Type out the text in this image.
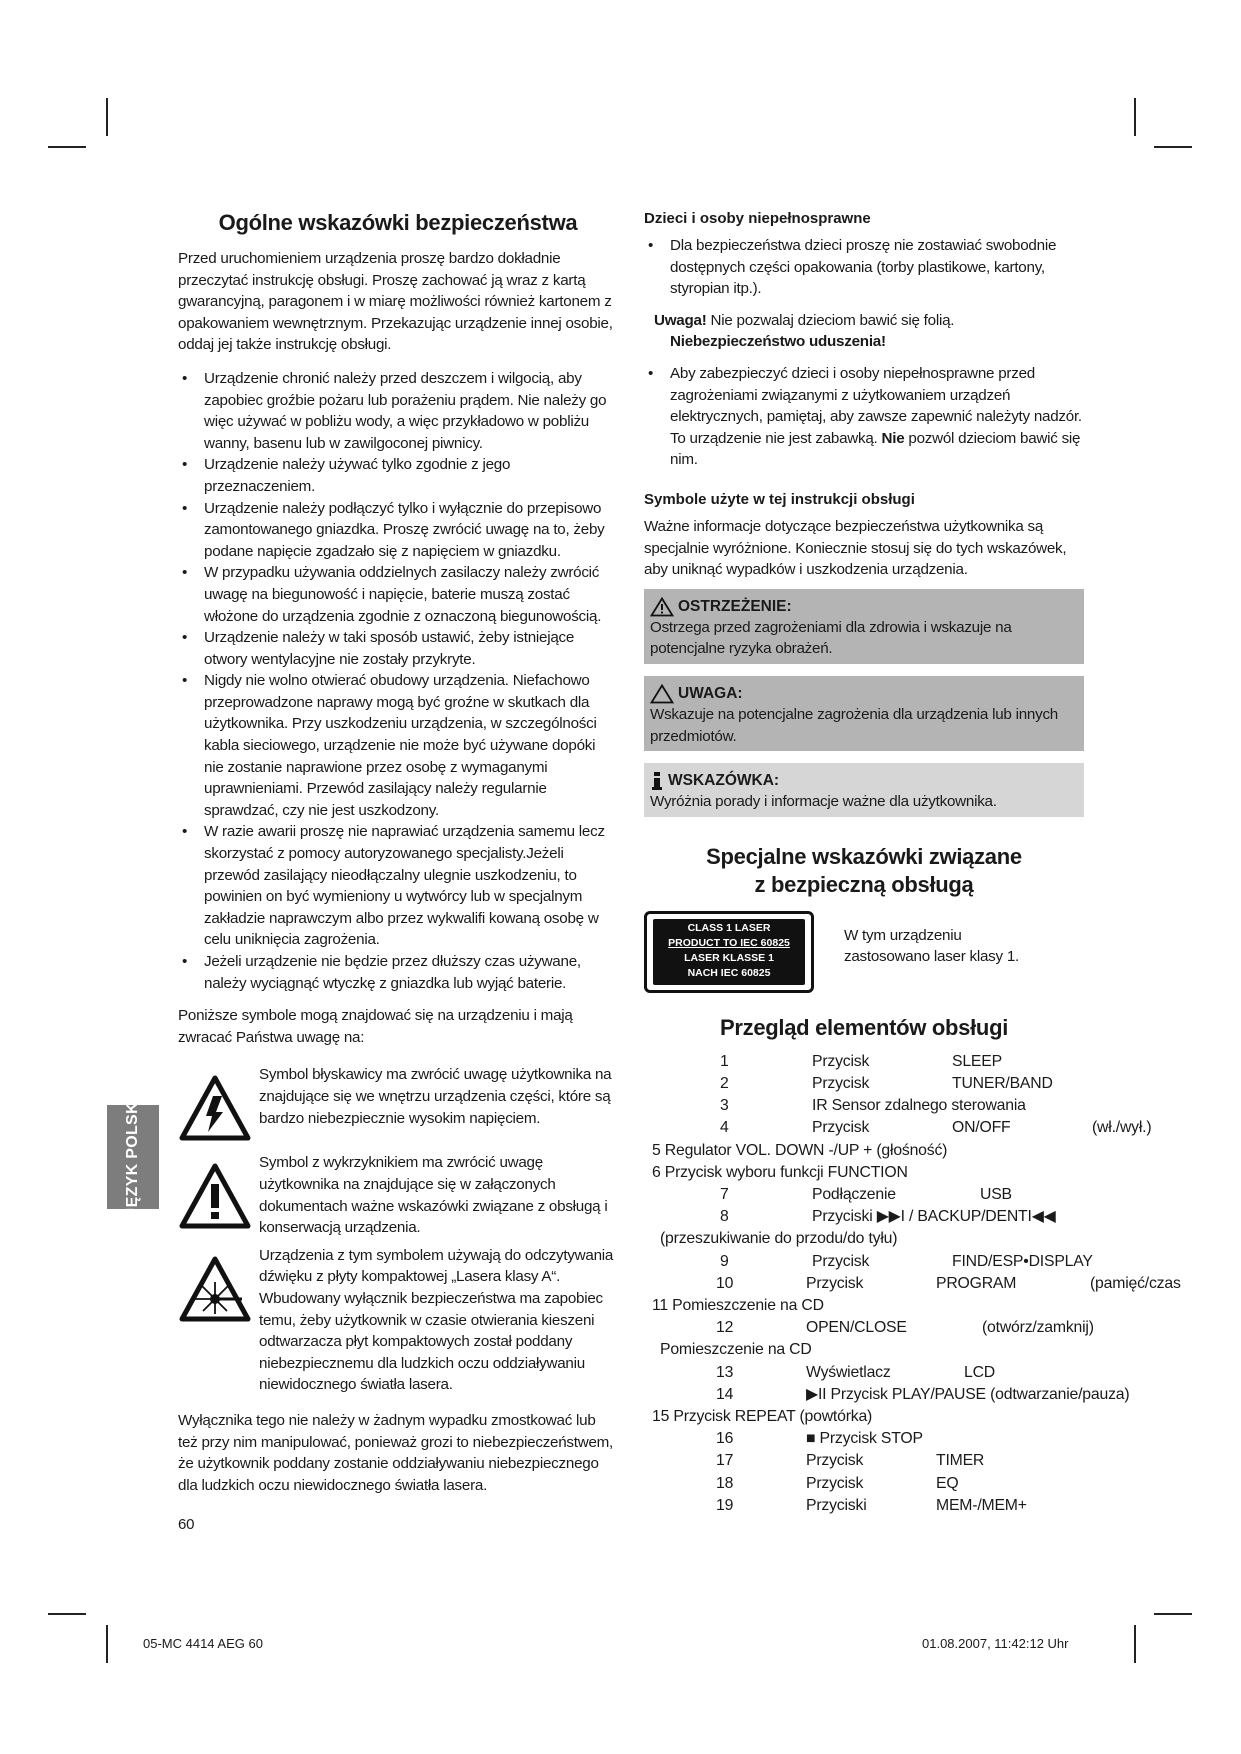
JĘZYK POLSKI
Ogólne wskazówki bezpieczeństwa

Przed uruchomieniem urządzenia proszę bardzo dokładnie przeczytać instrukcję obsługi. Proszę zachować ją wraz z kartą gwarancyjną, paragonem i w miarę możliwości również kartonem z opakowaniem wewnętrznym. Przekazując urządzenie innej osobie, oddaj jej także instrukcję obsługi.

• Urządzenie chronić należy przed deszczem i wilgocią, aby zapobiec groźbie pożaru lub porażeniu prądem. Nie należy go więc używać w pobliżu wody, a więc przykładowo w pobliżu wanny, basenu lub w zawilgoconej piwnicy.
• Urządzenie należy używać tylko zgodnie z jego przeznaczeniem.
• Urządzenie należy podłączyć tylko i wyłącznie do przepisowo zamontowanego gniazdka. Proszę zwrócić uwagę na to, żeby podane napięcie zgadzało się z napięciem w gniazdku.
• W przypadku używania oddzielnych zasilaczy należy zwrócić uwagę na biegunowość i napięcie, baterie muszą zostać włożone do urządzenia zgodnie z oznaczoną biegunowością.
• Urządzenie należy w taki sposób ustawić, żeby istniejące otwory wentylacyjne nie zostały przykryte.
• Nigdy nie wolno otwierać obudowy urządzenia. Niefachowo przeprowadzone naprawy mogą być groźne w skutkach dla użytkownika. Przy uszkodzeniu urządzenia, w szczególności kabla sieciowego, urządzenie nie może być używane dopóki nie zostanie naprawione przez osobę z wymaganymi uprawnieniami. Przewód zasilający należy regularnie sprawdzać, czy nie jest uszkodzony.
• W razie awarii proszę nie naprawiać urządzenia samemu lecz skorzystać z pomocy autoryzowanego specjalisty.Jeżeli przewód zasilający nieodłączalny ulegnie uszkodzeniu, to powinien on być wymieniony u wytwórcy lub w specjalnym zakładzie naprawczym albo przez wykwalifi kowaną osobę w celu uniknięcia zagrożenia.
• Jeżeli urządzenie nie będzie przez dłuższy czas używane, należy wyciągnąć wtyczkę z gniazdka lub wyjąć baterie.

Poniższe symbole mogą znajdować się na urządzeniu i mają zwracać Państwa uwagę na:

Symbol błyskawicy ma zwrócić uwagę użytkownika na znajdujące się we wnętrzu urządzenia części, które są bardzo niebezpiecznie wysokim napięciem.

Symbol z wykrzyknikiem ma zwrócić uwagę użytkownika na znajdujące się w załączonych dokumentach ważne wskazówki związane z obsługą i konserwacją urządzenia.

Urządzenia z tym symbolem używają do odczytywania dźwięku z płyty kompaktowej „Lasera klasy A“. Wbudowany wyłącznik bezpieczeństwa ma zapobiec temu, żeby użytkownik w czasie otwierania kieszeni odtwarzacza płyt kompaktowych został poddany niebezpiecznemu dla ludzkich oczu oddziaływaniu niewidocznego światła lasera.

Wyłącznika tego nie należy w żadnym wypadku zmostkować lub też przy nim manipulować, ponieważ grozi to niebezpieczeństwem, że użytkownik poddany zostanie oddziaływaniu niebezpiecznego dla ludzkich oczu niewidocznego światła lasera.

60

Dzieci i osoby niepełnosprawne

• Dla bezpieczeństwa dzieci proszę nie zostawiać swobodnie dostępnych części opakowania (torby plastikowe, kartony, styropian itp.).

Uwaga! Nie pozwalaj dzieciom bawić się folią.

Niebezpieczeństwo uduszenia!

• Aby zabezpieczyć dzieci i osoby niepełnosprawne przed zagrożeniami związanymi z użytkowaniem urządzeń elektrycznych, pamiętaj, aby zawsze zapewnić należyty nadzór. To urządzenie nie jest zabawką. Nie pozwól dzieciom bawić się nim.

Symbole użyte w tej instrukcji obsługi

Ważne informacje dotyczące bezpieczeństwa użytkownika są specjalnie wyróżnione. Koniecznie stosuj się do tych wskazówek, aby uniknąć wypadków i uszkodzenia urządzenia.

OSTRZEŻENIE:

Ostrzega przed zagrożeniami dla zdrowia i wskazuje na potencjalne ryzyka obrażeń.

UWAGA:

Wskazuje na potencjalne zagrożenia dla urządzenia lub innych przedmiotów.

WSKAZÓWKA:

Wyróżnia porady i informacje ważne dla użytkownika.

Specjalne wskazówki związane
z bezpieczną obsługą
CLASS 1 LASER
PRODUCT TO IEC 60825
LASER KLASSE 1
NACH IEC 60825

W tym urządzeniu zastosowano laser klasy 1.

Przegląd elementów obsługi
1	Przycisk	SLEEP
2	Przycisk	TUNER/BAND
3	IR Sensor zdalnego sterowania
4	Przycisk	ON/OFF	(wł./wył.)
5 Regulator VOL. DOWN -/UP + (głośność)
6 Przycisk wyboru funkcji FUNCTION
7	Podłączenie	USB
8	Przyciski ▶▶I / BACKUP/DENTI◀◀
(przeszukiwanie do przodu/do tyłu)
9	Przycisk	FIND/ESP•DISPLAY
10	Przycisk	PROGRAM	(pamięć/czas
11 Pomieszczenie na CD
12	OPEN/CLOSE	(otwórz/zamknij)
Pomieszczenie na CD
13	Wyświetlacz	LCD
14	▶II Przycisk PLAY/PAUSE (odtwarzanie/pauza)
15 Przycisk REPEAT (powtórka)
16	■ Przycisk STOP
17	Przycisk	TIMER
18	Przycisk	EQ
19	Przyciski	MEM-/MEM+
05-MC 4414 AEG 60	01.08.2007, 11:42:12 Uhr
